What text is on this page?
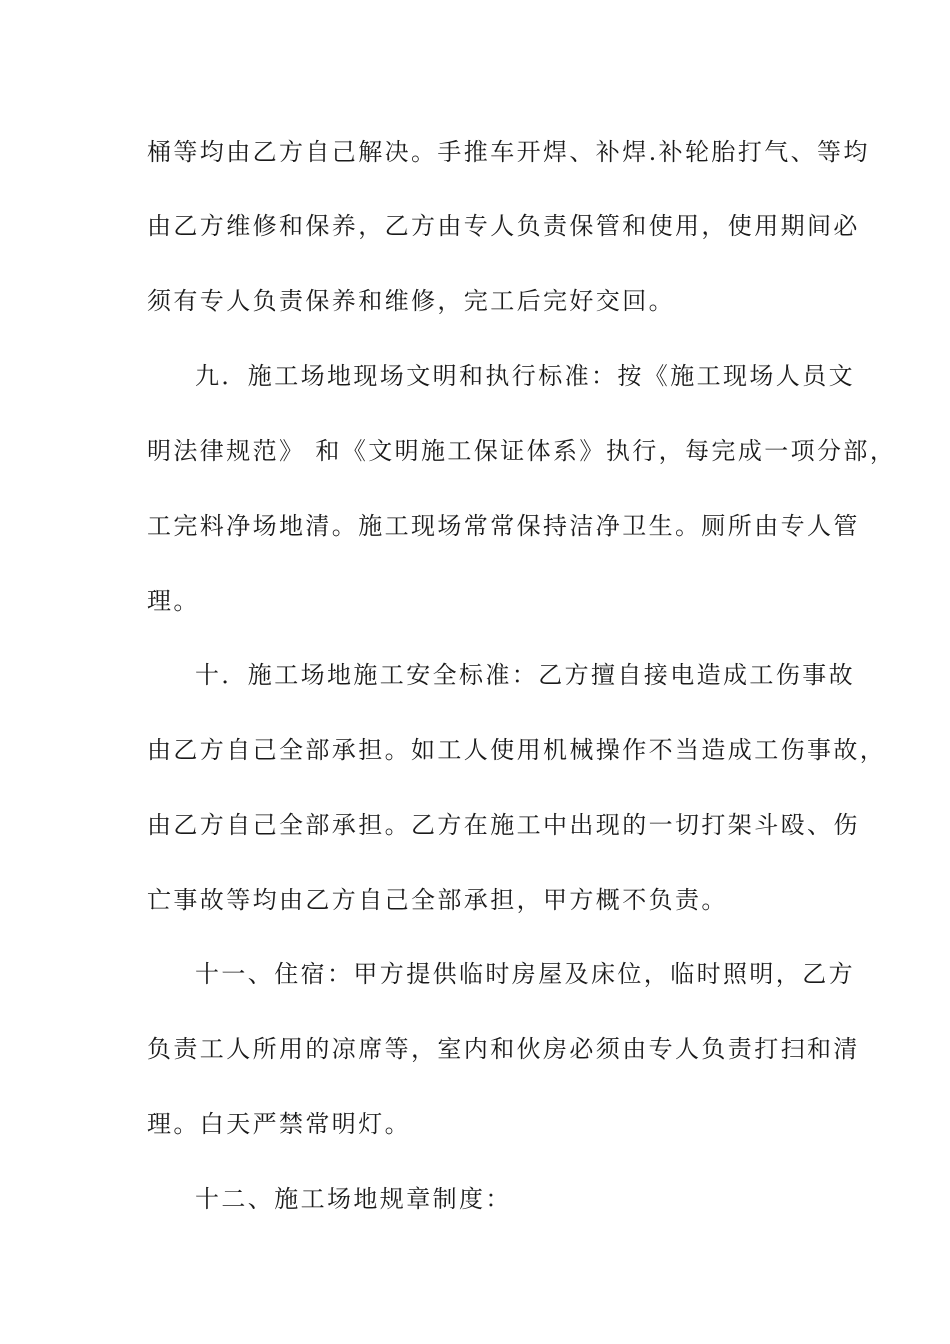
桶等均由乙方自己解决。手推车开焊、补焊.补轮胎打气、等均
由乙方维修和保养，乙方由专人负责保管和使用，使用期间必
须有专人负责保养和维修，完工后完好交回。
九．施工场地现场文明和执行标准：按《施工现场人员文
明法律规范》 和《文明施工保证体系》执行，每完成一项分部，
工完料净场地清。施工现场常常保持洁净卫生。厕所由专人管
理。
十．施工场地施工安全标准：乙方擅自接电造成工伤事故
由乙方自己全部承担。如工人使用机械操作不当造成工伤事故，
由乙方自己全部承担。乙方在施工中出现的一切打架斗殴、伤
亡事故等均由乙方自己全部承担，甲方概不负责。
十一、住宿：甲方提供临时房屋及床位，临时照明，乙方
负责工人所用的凉席等，室内和伙房必须由专人负责打扫和清
理。白天严禁常明灯。
十二、施工场地规章制度：
